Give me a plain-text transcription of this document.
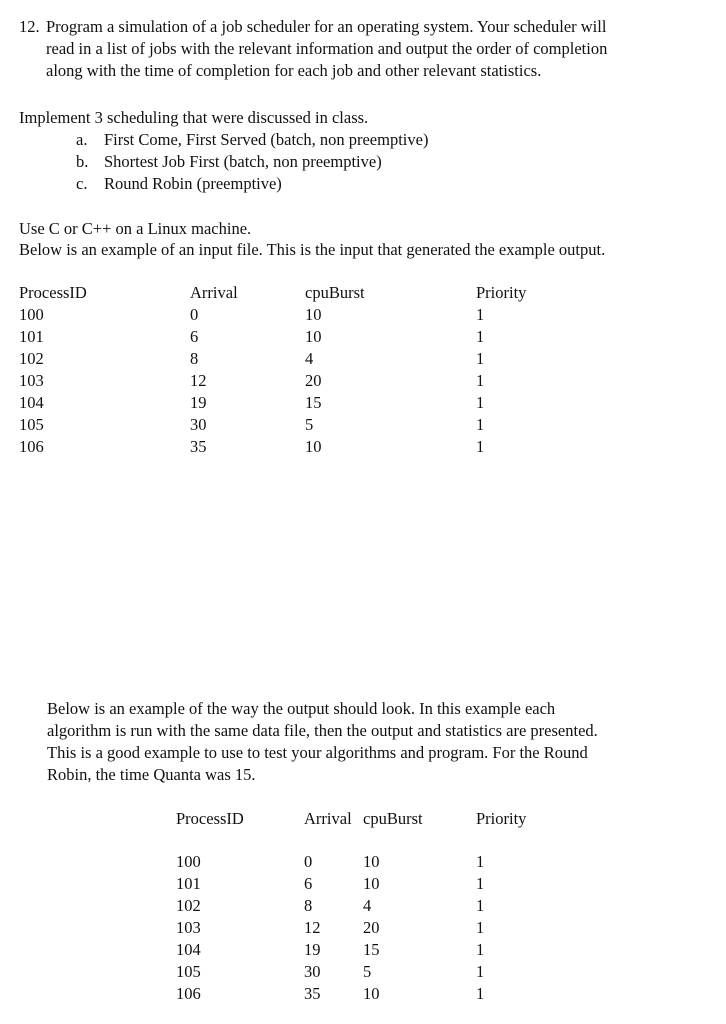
12. Program a simulation of a job scheduler for an operating system. Your scheduler will
read in a list of jobs with the relevant information and output the order of completion
along with the time of completion for each job and other relevant statistics.
Implement 3 scheduling that were discussed in class.
a. First Come, First Served (batch, non preemptive)
b. Shortest Job First (batch, non preemptive)
c. Round Robin (preemptive)
Use C or C++ on a Linux machine.
Below is an example of an input file. This is the input that generated the example output.
ProcessID
100
101
102
103
104
105
106
Arrival
0
6
8
12
19
30
35
cpuBurst
10
10
4
20
15
5
10
Priority
1
1
1
1
1
1
1
Below is an example of the way the output should look. In this example each
algorithm is run with the same data file, then the output and statistics are presented.
This is a good example to use to test your algorithms and program. For the Round
Robin, the time Quanta was 15.
ProcessID	Arrival cpuBurst	Priority
100
101
102
103
104
105
106
0
6
8
12
19
30
35
10
10
4
20
15
5
10
1
1
1
1
1
1
1
